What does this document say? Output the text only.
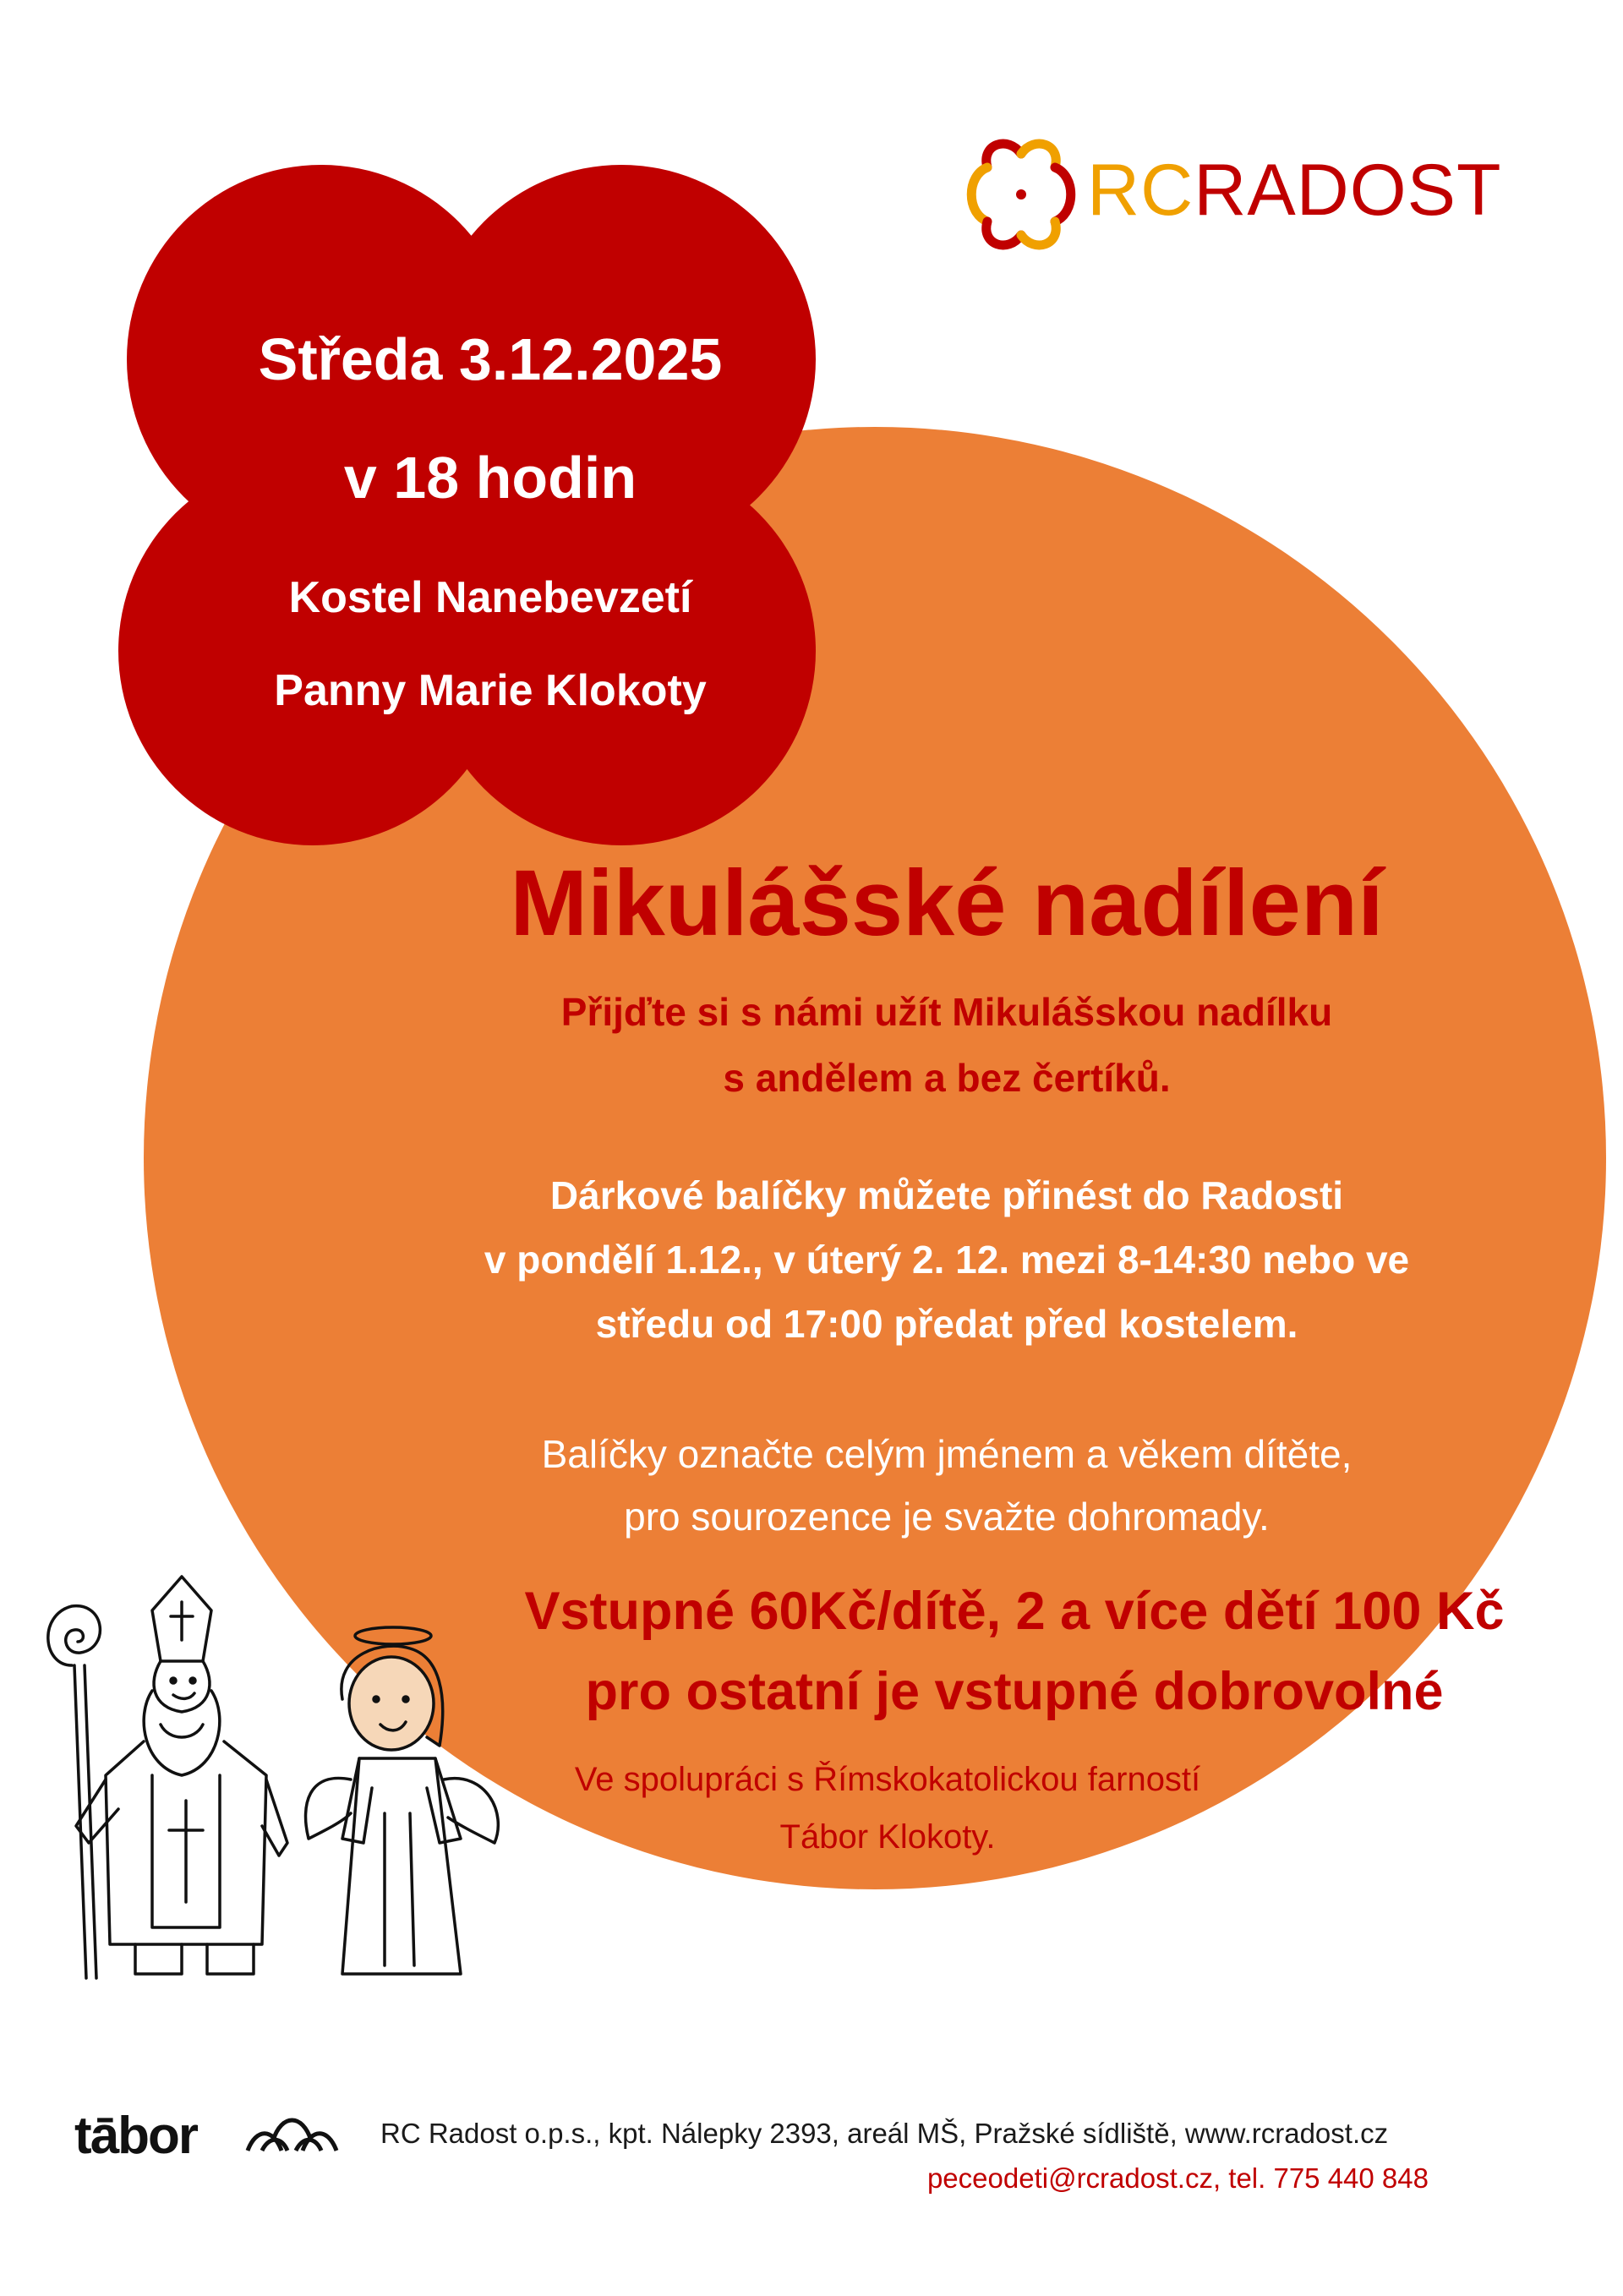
Středa 3.12.2025
v 18 hodin
Kostel Nanebevzetí
Panny Marie Klokoty
RCRADOST
Mikulášské nadílení
Přijďte si s námi užít Mikulášskou nadílku
s andělem a bez čertíků.
Dárkové balíčky můžete přinést do Radosti
v pondělí 1.12., v úterý 2. 12. mezi 8-14:30 nebo ve
středu od 17:00 předat před kostelem.
Balíčky označte celým jménem a věkem dítěte,
pro sourozence je svažte dohromady.
Vstupné 60Kč/dítě, 2 a více dětí 100 Kč
pro ostatní je vstupné dobrovolné
Ve spolupráci s Římskokatolickou farností
Tábor Klokoty.
tābor	RC Radost o.p.s., kpt. Nálepky 2393, areál MŠ, Pražské sídliště, www.rcradost.cz
peceodeti@rcradost.cz, tel. 775 440 848
